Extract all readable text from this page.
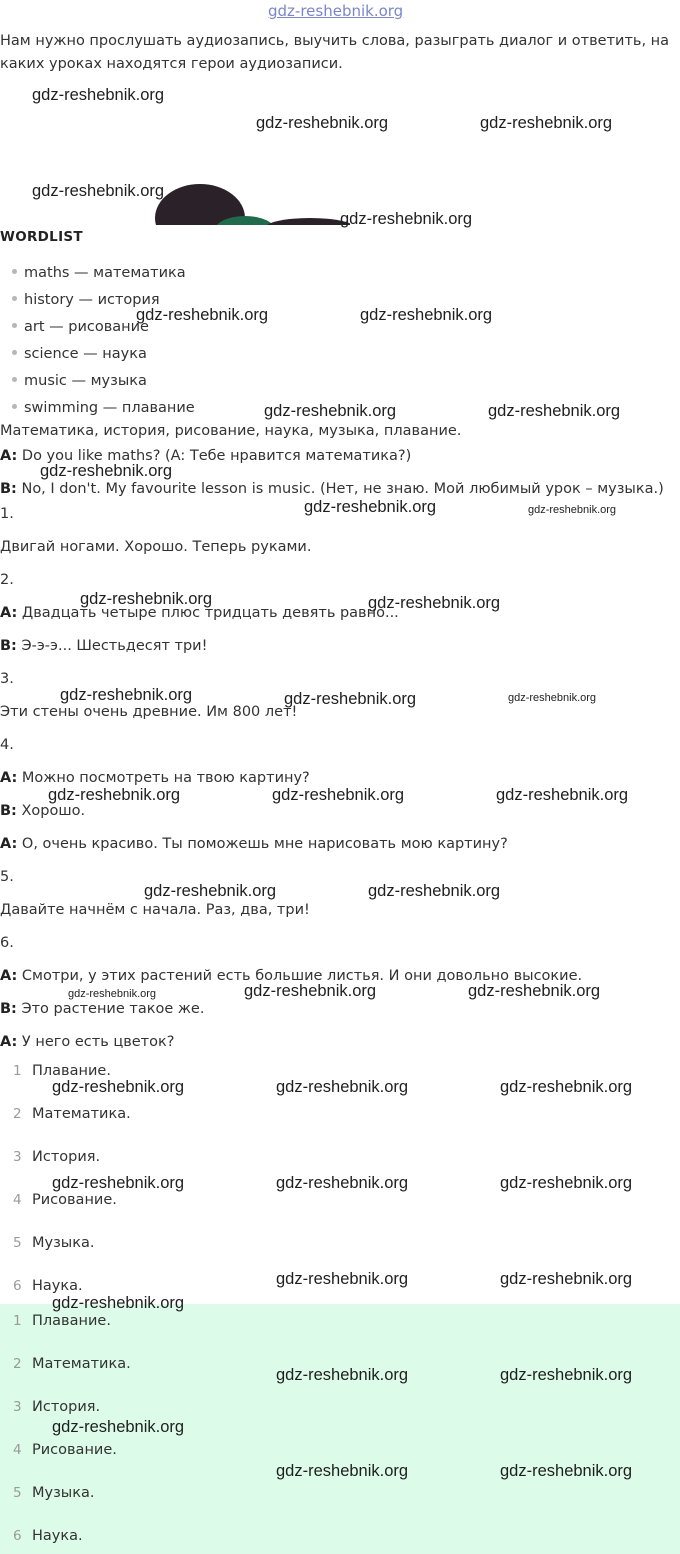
gdz-reshebnik.org
Нам нужно прослушать аудиозапись, выучить слова, разыграть диалог и ответить, на каких уроках находятся герои аудиозаписи.
WORDLIST
maths — математика
history — история
art — рисование
science — наука
music — музыка
swimming — плавание
Математика, история, рисование, наука, музыка, плавание.
A: Do you like maths? (A: Тебе нравится математика?)
B: No, I don't. My favourite lesson is music. (Нет, не знаю. Мой любимый урок – музыка.)
1.
Двигай ногами. Хорошо. Теперь руками.
2.
A: Двадцать четыре плюс тридцать девять равно...
B: Э-э-э... Шестьдесят три!
3.
Эти стены очень древние. Им 800 лет!
4.
A: Можно посмотреть на твою картину?
B: Хорошо.
A: О, очень красиво. Ты поможешь мне нарисовать мою картину?
5.
Давайте начнём с начала. Раз, два, три!
6.
A: Смотри, у этих растений есть большие листья. И они довольно высокие.
B: Это растение такое же.
A: У него есть цветок?
1 Плавание.
2 Математика.
3 История.
4 Рисование.
5 Музыка.
6 Наука.
1 Плавание.
2 Математика.
3 История.
4 Рисование.
5 Музыка.
6 Наука.
gdz-reshebnik.org
gdz-reshebnik.org	gdz-reshebnik.org
gdz-reshebnik.org
gdz-reshebnik.org
gdz-reshebnik.org	gdz-reshebnik.org
gdz-reshebnik.org	gdz-reshebnik.org
gdz-reshebnik.org
gdz-reshebnik.org	gdz-reshebnik.org
gdz-reshebnik.org	gdz-reshebnik.org
gdz-reshebnik.org	gdz-reshebnik.org	gdz-reshebnik.org
gdz-reshebnik.org	gdz-reshebnik.org	gdz-reshebnik.org
gdz-reshebnik.org	gdz-reshebnik.org
gdz-reshebnik.org	gdz-reshebnik.org	gdz-reshebnik.org
gdz-reshebnik.org	gdz-reshebnik.org	gdz-reshebnik.org
gdz-reshebnik.org	gdz-reshebnik.org	gdz-reshebnik.org
gdz-reshebnik.org	gdz-reshebnik.org
gdz-reshebnik.org
gdz-reshebnik.org	gdz-reshebnik.org
gdz-reshebnik.org
gdz-reshebnik.org	gdz-reshebnik.org
